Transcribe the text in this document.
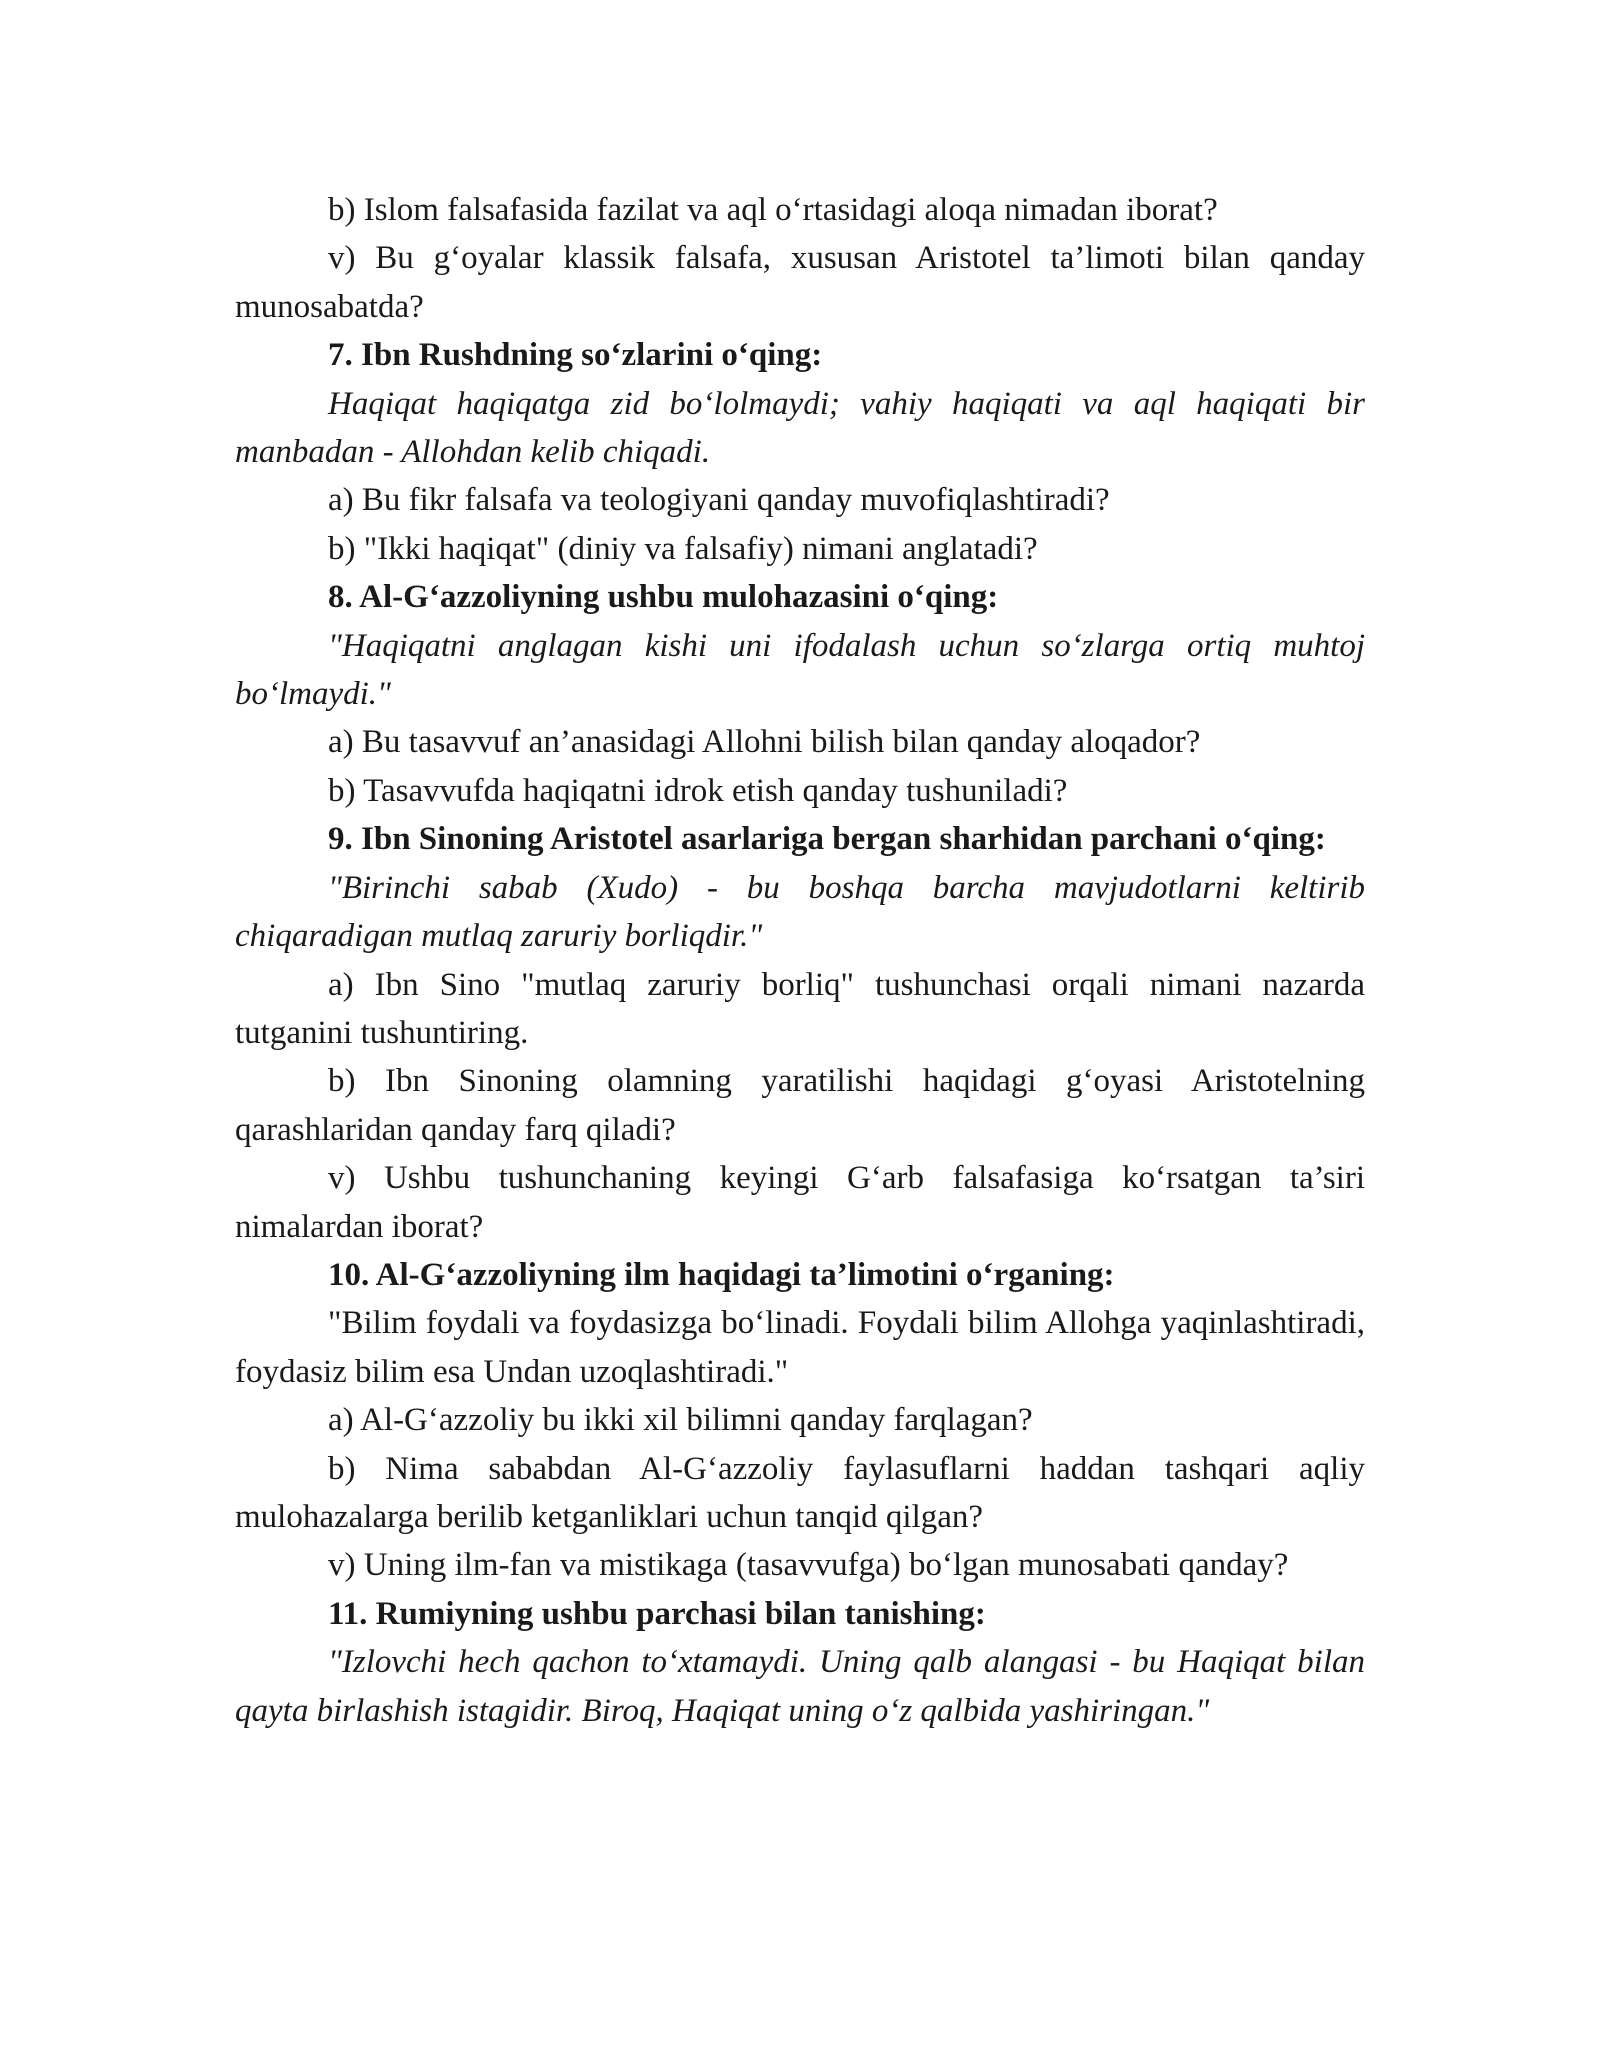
b) Islom falsafasida fazilat va aql o‘rtasidagi aloqa nimadan iborat?

v) Bu g‘oyalar klassik falsafa, xususan Aristotel ta’limoti bilan qanday munosabatda?

7. Ibn Rushdning so‘zlarini o‘qing:

Haqiqat haqiqatga zid bo‘lolmaydi; vahiy haqiqati va aql haqiqati bir manbadan - Allohdan kelib chiqadi.

a) Bu fikr falsafa va teologiyani qanday muvofiqlashtiradi?

b) "Ikki haqiqat" (diniy va falsafiy) nimani anglatadi?

8. Al-G‘azzoliyning ushbu mulohazasini o‘qing:

"Haqiqatni anglagan kishi uni ifodalash uchun so‘zlarga ortiq muhtoj bo‘lmaydi."

a) Bu tasavvuf an’anasidagi Allohni bilish bilan qanday aloqador?

b) Tasavvufda haqiqatni idrok etish qanday tushuniladi?

9. Ibn Sinoning Aristotel asarlariga bergan sharhidan parchani o‘qing:

"Birinchi sabab (Xudo) - bu boshqa barcha mavjudotlarni keltirib chiqaradigan mutlaq zaruriy borliqdir."

a) Ibn Sino "mutlaq zaruriy borliq" tushunchasi orqali nimani nazarda tutganini tushuntiring.

b) Ibn Sinoning olamning yaratilishi haqidagi g‘oyasi Aristotelning qarashlaridan qanday farq qiladi?

v) Ushbu tushunchaning keyingi G‘arb falsafasiga ko‘rsatgan ta’siri nimalardan iborat?

10. Al-G‘azzoliyning ilm haqidagi ta’limotini o‘rganing:

"Bilim foydali va foydasizga bo‘linadi. Foydali bilim Allohga yaqinlashtiradi, foydasiz bilim esa Undan uzoqlashtiradi."

a) Al-G‘azzoliy bu ikki xil bilimni qanday farqlagan?

b) Nima sababdan Al-G‘azzoliy faylasuflarni haddan tashqari aqliy mulohazalarga berilib ketganliklari uchun tanqid qilgan?

v) Uning ilm-fan va mistikaga (tasavvufga) bo‘lgan munosabati qanday?

11. Rumiyning ushbu parchasi bilan tanishing:

"Izlovchi hech qachon to‘xtamaydi. Uning qalb alangasi - bu Haqiqat bilan qayta birlashish istagidir. Biroq, Haqiqat uning o‘z qalbida yashiringan."
